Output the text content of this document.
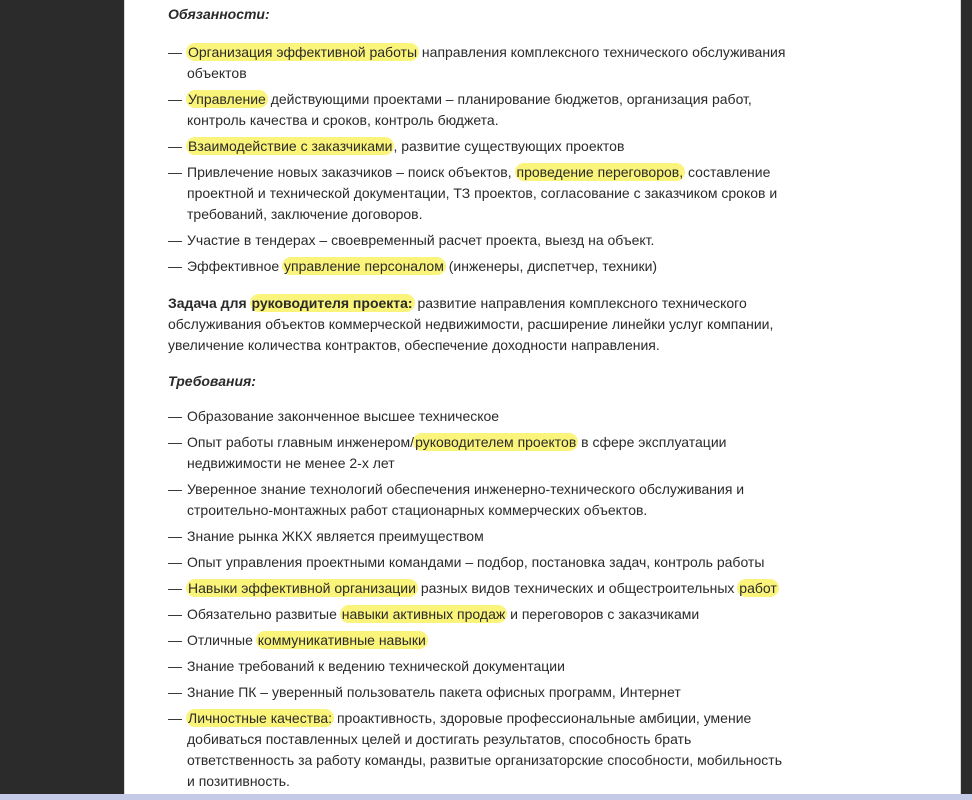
Обязанности:

— Организация эффективной работы направления комплексного технического обслуживания объектов
— Управление действующими проектами – планирование бюджетов, организация работ, контроль качества и сроков, контроль бюджета.
— Взаимодействие с заказчиками, развитие существующих проектов
— Привлечение новых заказчиков – поиск объектов, проведение переговоров, составление проектной и технической документации, ТЗ проектов, согласование с заказчиком сроков и требований, заключение договоров.
— Участие в тендерах – своевременный расчет проекта, выезд на объект.
— Эффективное управление персоналом (инженеры, диспетчер, техники)

Задача для руководителя проекта: развитие направления комплексного технического обслуживания объектов коммерческой недвижимости, расширение линейки услуг компании, увеличение количества контрактов, обеспечение доходности направления.

Требования:

— Образование законченное высшее техническое
— Опыт работы главным инженером/руководителем проектов в сфере эксплуатации недвижимости не менее 2-х лет
— Уверенное знание технологий обеспечения инженерно-технического обслуживания и строительно-монтажных работ стационарных коммерческих объектов.
— Знание рынка ЖКХ является преимуществом
— Опыт управления проектными командами – подбор, постановка задач, контроль работы
— Навыки эффективной организации разных видов технических и общестроительных работ
— Обязательно развитые навыки активных продаж и переговоров с заказчиками
— Отличные коммуникативные навыки
— Знание требований к ведению технической документации
— Знание ПК – уверенный пользователь пакета офисных программ, Интернет
— Личностные качества: проактивность, здоровые профессиональные амбиции, умение добиваться поставленных целей и достигать результатов, способность брать ответственность за работу команды, развитые организаторские способности, мобильность и позитивность.
